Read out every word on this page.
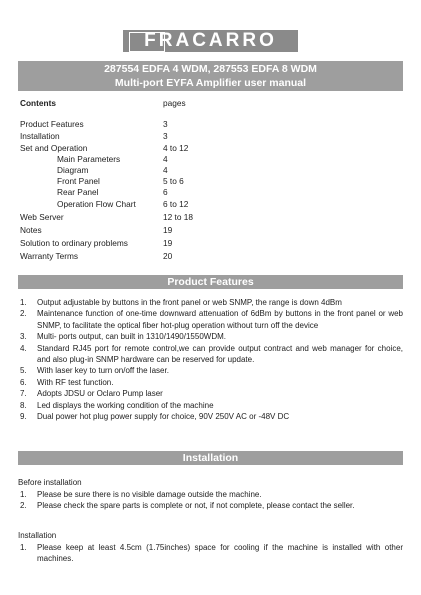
FRACARRO
287554 EDFA 4 WDM, 287553 EDFA 8 WDM
Multi-port EYFA Amplifier user manual
Contents	pages
Product Features	3
Installation	3
Set and Operation	4 to 12
Main Parameters	4
Diagram	4
Front Panel	5 to 6
Rear Panel	6
Operation Flow Chart	6 to 12
Web Server	12 to 18
Notes	19
Solution to ordinary problems	19
Warranty Terms	20
Product Features
1. Output adjustable by buttons in the front panel or web SNMP, the range is down 4dBm
2. Maintenance function of one-time downward attenuation of 6dBm by buttons in the front panel or web SNMP, to facilitate the optical fiber hot-plug operation without turn off the device
3. Multi- ports output, can built in 1310/1490/1550WDM.
4. Standard RJ45 port for remote control,we can provide output contract and web manager for choice, and also plug-in SNMP hardware can be reserved for update.
5. With laser key to turn on/off the laser.
6. With RF test function.
7. Adopts JDSU or Oclaro Pump laser
8. Led displays the working condition of the machine
9. Dual power hot plug power supply for choice, 90V 250V AC or -48V DC
Installation
Before installation
1. Please be sure there is no visible damage outside the machine.
2. Please check the spare parts is complete or not, if not complete, please contact the seller.
Installation
1. Please keep at least 4.5cm (1.75inches) space for cooling if the machine is installed with other machines.
